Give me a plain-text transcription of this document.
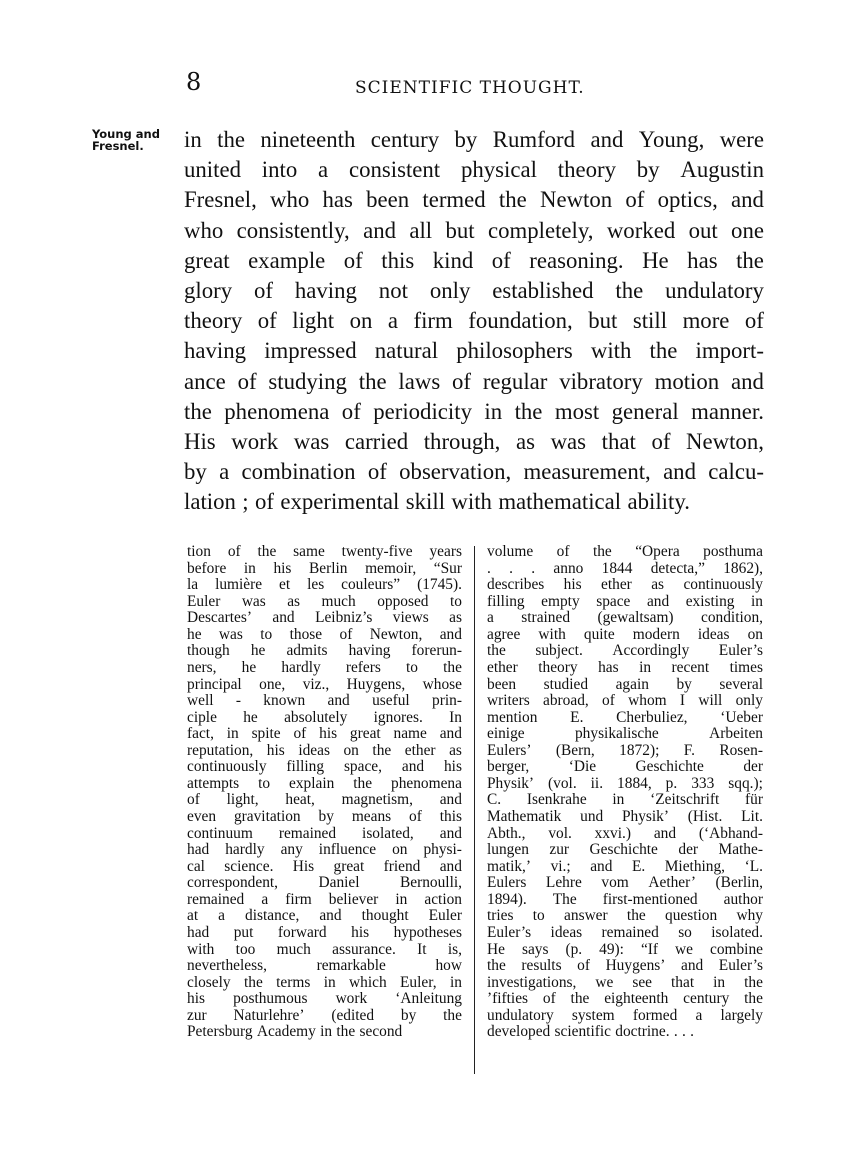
8	SCIENTIFIC THOUGHT.
Young and
Fresnel.	in the nineteenth century by Rumford and Young, were
united into a consistent physical theory by Augustin
Fresnel, who has been termed the Newton of optics, and
who consistently, and all but completely, worked out one
great example of this kind of reasoning. He has the
glory of having not only established the undulatory
theory of light on a firm foundation, but still more of
having impressed natural philosophers with the import-
ance of studying the laws of regular vibratory motion and
the phenomena of periodicity in the most general manner.
His work was carried through, as was that of Newton,
by a combination of observation, measurement, and calcu-
lation ; of experimental skill with mathematical ability.
tion of the same twenty-five years
before in his Berlin memoir, “Sur
la lumière et les couleurs” (1745).
Euler was as much opposed to
Descartes’ and Leibniz’s views as
he was to those of Newton, and
though he admits having forerun-
ners, he hardly refers to the
principal one, viz., Huygens, whose
well - known and useful prin-
ciple he absolutely ignores. In
fact, in spite of his great name and
reputation, his ideas on the ether as
continuously filling space, and his
attempts to explain the phenomena
of light, heat, magnetism, and
even gravitation by means of this
continuum remained isolated, and
had hardly any influence on physi-
cal science. His great friend and
correspondent,	Daniel	Bernoulli,
remained a firm believer in action
at a distance, and thought Euler
had put forward his hypotheses
with too much assurance. It is,
nevertheless,	remarkable	how
closely the terms in which Euler, in
his posthumous work ‘Anleitung
zur Naturlehre’ (edited by the
Petersburg Academy in the second
volume of the “Opera posthuma
. . . anno 1844 detecta,” 1862),
describes his ether as continuously
filling empty space and existing in
a strained (gewaltsam) condition,
agree with quite modern ideas on
the subject. Accordingly Euler’s
ether theory has in recent times
been studied again by several
writers abroad, of whom I will only
mention E. Cherbuliez, ‘Ueber
einige	physikalische	Arbeiten
Eulers’ (Bern, 1872); F. Rosen-
berger,	‘Die	Geschichte	der
Physik’ (vol. ii. 1884, p. 333 sqq.);
C. Isenkrahe in ‘Zeitschrift für
Mathematik und Physik’ (Hist. Lit.
Abth., vol. xxvi.) and (‘Abhand-
lungen zur Geschichte der Mathe-
matik,’ vi.; and E. Miething, ‘L.
Eulers Lehre vom Aether’ (Berlin,
1894). The first-mentioned author
tries to answer the question why
Euler’s ideas remained so isolated.
He says (p. 49): “If we combine
the results of Huygens’ and Euler’s
investigations, we see that in the
’fifties of the eighteenth century the
undulatory system formed a largely
developed scientific doctrine. . . .
